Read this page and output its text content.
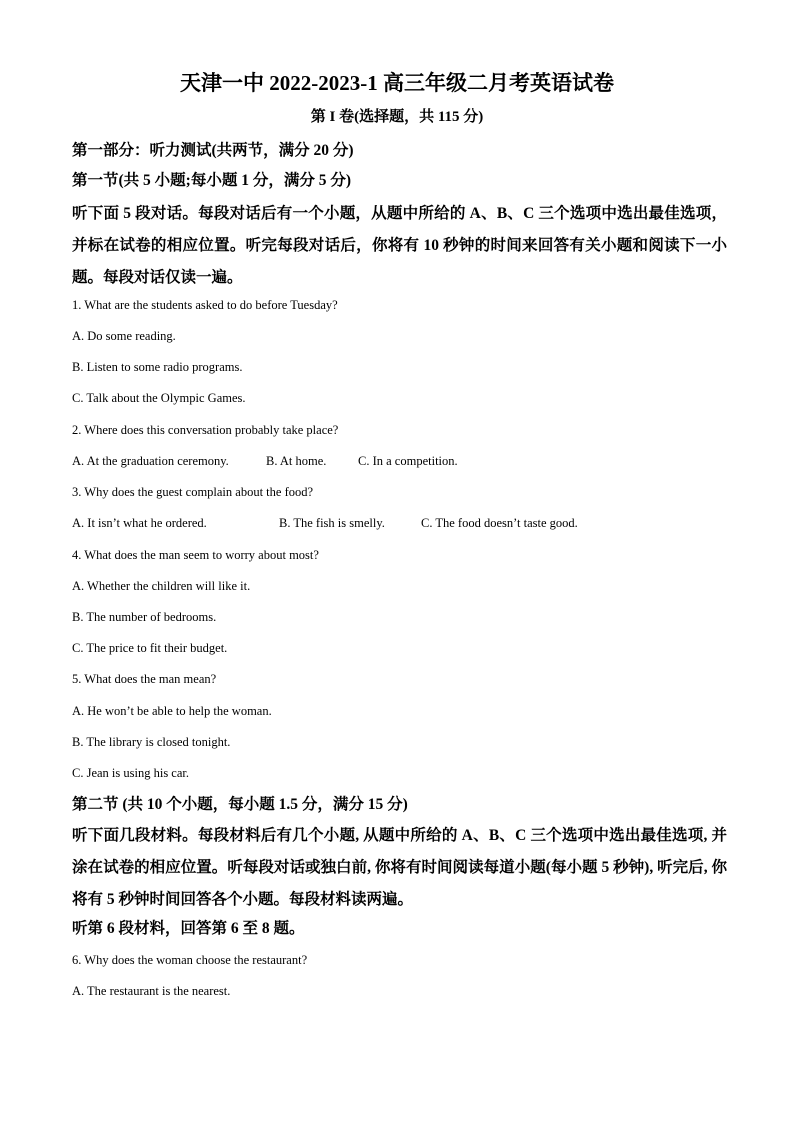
天津一中 2022-2023-1 高三年级二月考英语试卷
第 I 卷(选择题，共 115 分)
第一部分：听力测试(共两节，满分 20 分)
第一节(共 5 小题;每小题 1 分，满分 5 分)
听下面 5 段对话。每段对话后有一个小题，从题中所给的 A、B、C 三个选项中选出最佳选项，并标在试卷的相应位置。听完每段对话后，你将有 10 秒钟的时间来回答有关小题和阅读下一小题。每段对话仅读一遍。
1. What are the students asked to do before Tuesday?
A. Do some reading.
B. Listen to some radio programs.
C. Talk about the Olympic Games.
2. Where does this conversation probably take place?
A. At the graduation ceremony.	B. At home.	C. In a competition.
3. Why does the guest complain about the food?
A. It isn’t what he ordered.	B. The fish is smelly.	C. The food doesn’t taste good.
4. What does the man seem to worry about most?
A. Whether the children will like it.
B. The number of bedrooms.
C. The price to fit their budget.
5. What does the man mean?
A. He won’t be able to help the woman.
B. The library is closed tonight.
C. Jean is using his car.
第二节 (共 10 个小题，每小题 1.5 分，满分 15 分)
听下面几段材料。每段材料后有几个小题, 从题中所给的 A、B、C 三个选项中选出最佳选项, 并涂在试卷的相应位置。听每段对话或独白前, 你将有时间阅读每道小题(每小题 5 秒钟), 听完后, 你将有 5 秒钟时间回答各个小题。每段材料读两遍。
听第 6 段材料，回答第 6 至 8 题。
6. Why does the woman choose the restaurant?
A. The restaurant is the nearest.
